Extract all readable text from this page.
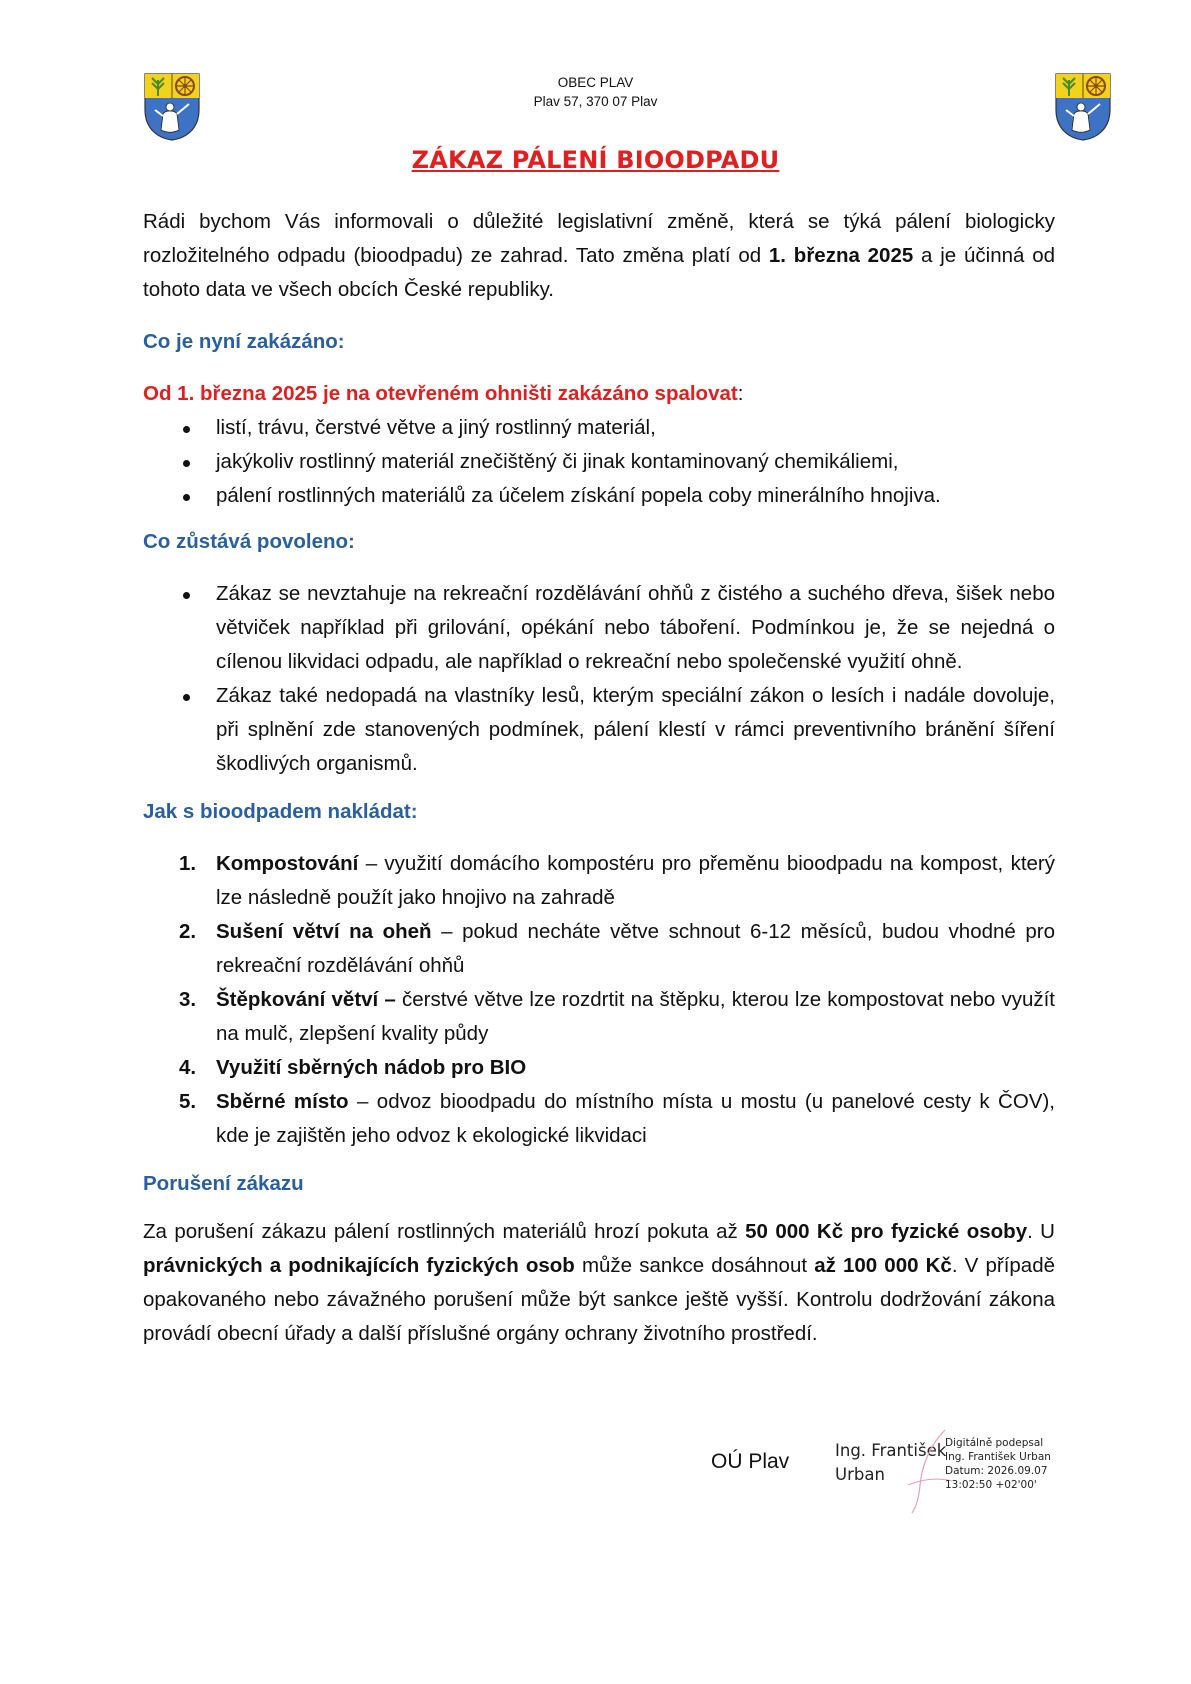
OBEC PLAV
Plav 57, 370 07 Plav
ZÁKAZ PÁLENÍ BIOODPADU

Rádi bychom Vás informovali o důležité legislativní změně, která se týká pálení biologicky rozložitelného odpadu (bioodpadu) ze zahrad. Tato změna platí od 1. března 2025 a je účinná od tohoto data ve všech obcích České republiky.

Co je nyní zakázáno:

Od 1. března 2025 je na otevřeném ohništi zakázáno spalovat:

listí, trávu, čerstvé větve a jiný rostlinný materiál,
jakýkoliv rostlinný materiál znečištěný či jinak kontaminovaný chemikáliemi,
pálení rostlinných materiálů za účelem získání popela coby minerálního hnojiva.

Co zůstává povoleno:

Zákaz se nevztahuje na rekreační rozdělávání ohňů z čistého a suchého dřeva, šišek nebo větviček například při grilování, opékání nebo táboření. Podmínkou je, že se nejedná o cílenou likvidaci odpadu, ale například o rekreační nebo společenské využití ohně.
Zákaz také nedopadá na vlastníky lesů, kterým speciální zákon o lesích i nadále dovoluje, při splnění zde stanovených podmínek, pálení klestí v rámci preventivního bránění šíření škodlivých organismů.

Jak s bioodpadem nakládat:

1. Kompostování – využití domácího kompostéru pro přeměnu bioodpadu na kompost, který lze následně použít jako hnojivo na zahradě
2. Sušení větví na oheň – pokud necháte větve schnout 6-12 měsíců, budou vhodné pro rekreační rozdělávání ohňů
3. Štěpkování větví – čerstvé větve lze rozdrtit na štěpku, kterou lze kompostovat nebo využít na mulč, zlepšení kvality půdy
4. Využití sběrných nádob pro BIO
5. Sběrné místo – odvoz bioodpadu do místního místa u mostu (u panelové cesty k ČOV), kde je zajištěn jeho odvoz k ekologické likvidaci

Porušení zákazu

Za porušení zákazu pálení rostlinných materiálů hrozí pokuta až 50 000 Kč pro fyzické osoby. U právnických a podnikajících fyzických osob může sankce dosáhnout až 100 000 Kč. V případě opakovaného nebo závažného porušení může být sankce ještě vyšší. Kontrolu dodržování zákona provádí obecní úřady a další příslušné orgány ochrany životního prostředí.

OÚ Plav	Ing. František
Urban
Digitálně podepsal
Ing. František Urban
Datum: 2026.09.07
13:02:50 +02'00'
